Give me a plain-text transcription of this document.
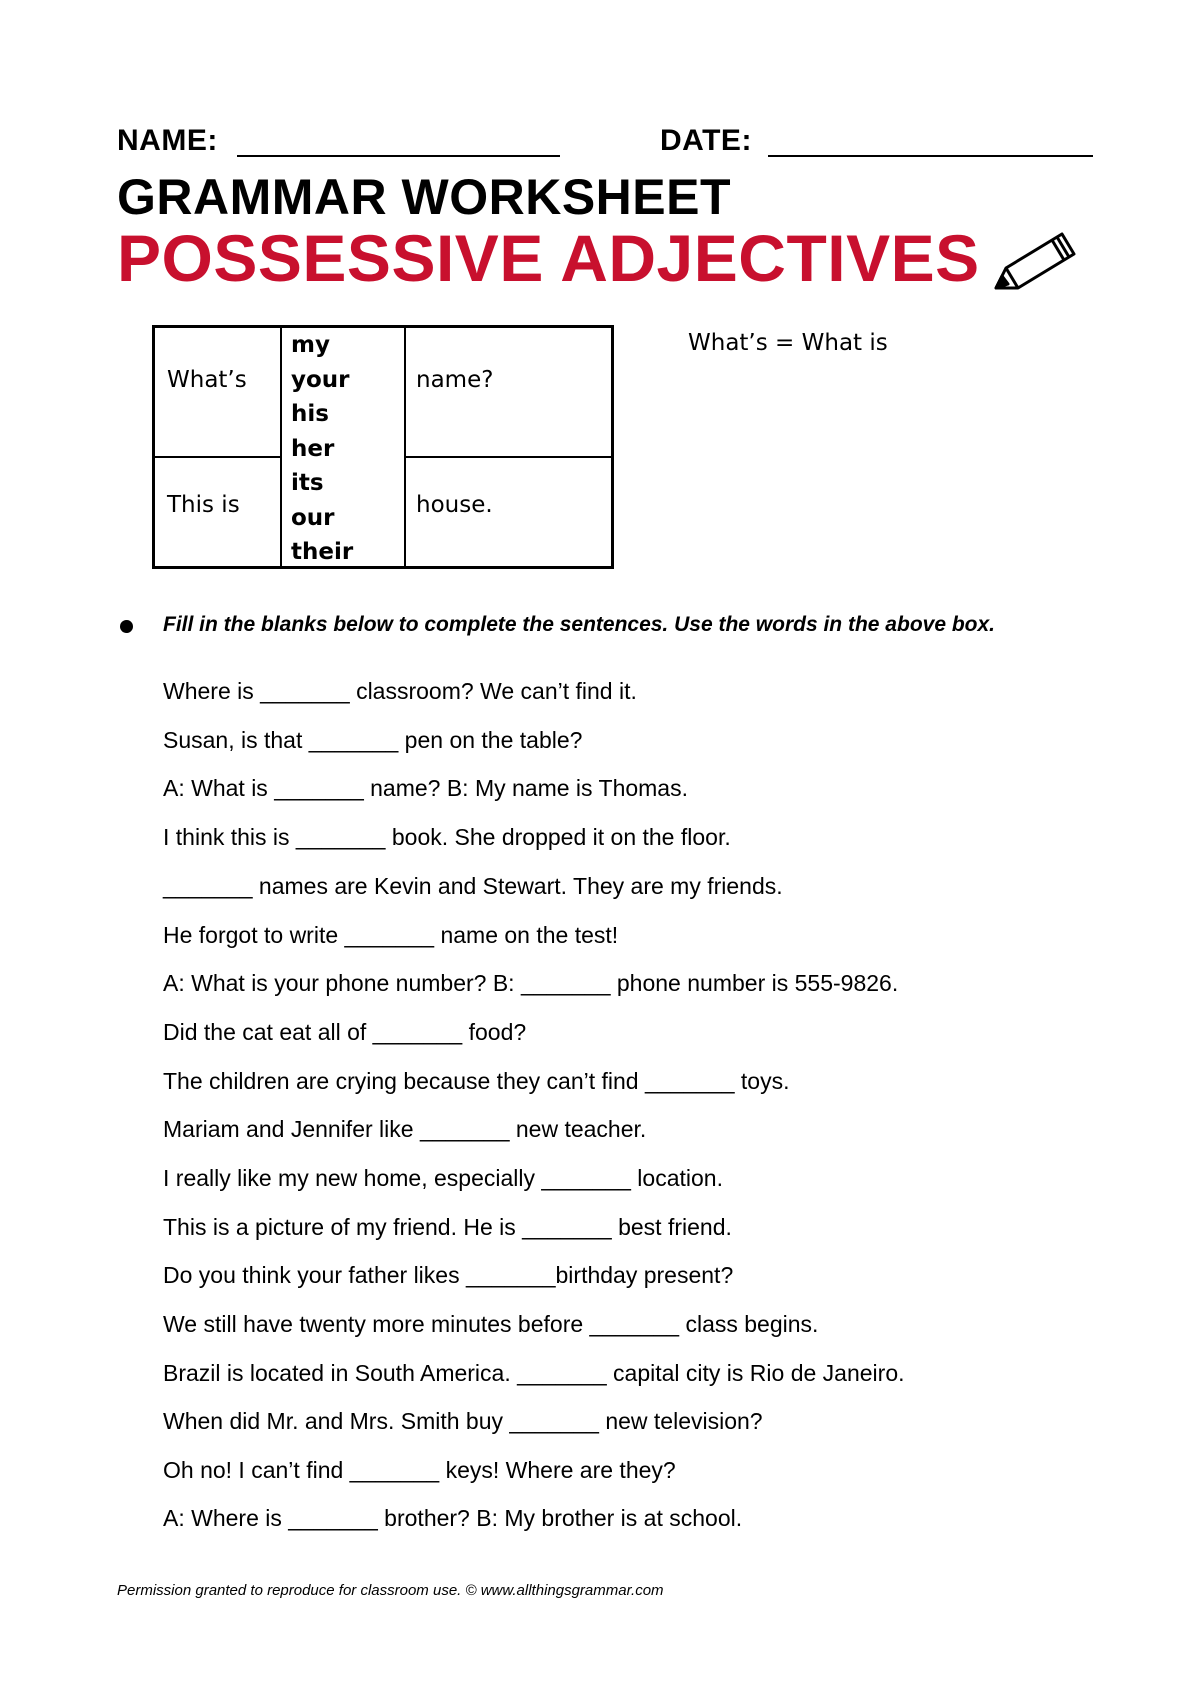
NAME:	DATE:
GRAMMAR WORKSHEET
POSSESSIVE ADJECTIVES
What’s
This is
name?
house.
my
your
his
her
its
our
their
What’s = What is
Fill in the blanks below to complete the sentences. Use the words in the above box.
Where is _______ classroom? We can’t find it.
Susan, is that _______ pen on the table?
A: What is _______ name? B: My name is Thomas.
I think this is _______ book. She dropped it on the floor.
_______ names are Kevin and Stewart. They are my friends.
He forgot to write _______ name on the test!
A: What is your phone number? B: _______ phone number is 555-9826.
Did the cat eat all of _______ food?
The children are crying because they can’t find _______ toys.
Mariam and Jennifer like _______ new teacher.
I really like my new home, especially _______ location.
This is a picture of my friend. He is _______ best friend.
Do you think your father likes _______birthday present?
We still have twenty more minutes before _______ class begins.
Brazil is located in South America. _______ capital city is Rio de Janeiro.
When did Mr. and Mrs. Smith buy _______ new television?
Oh no! I can’t find _______ keys! Where are they?
A: Where is _______ brother? B: My brother is at school.
Permission granted to reproduce for classroom use. © www.allthingsgrammar.com
